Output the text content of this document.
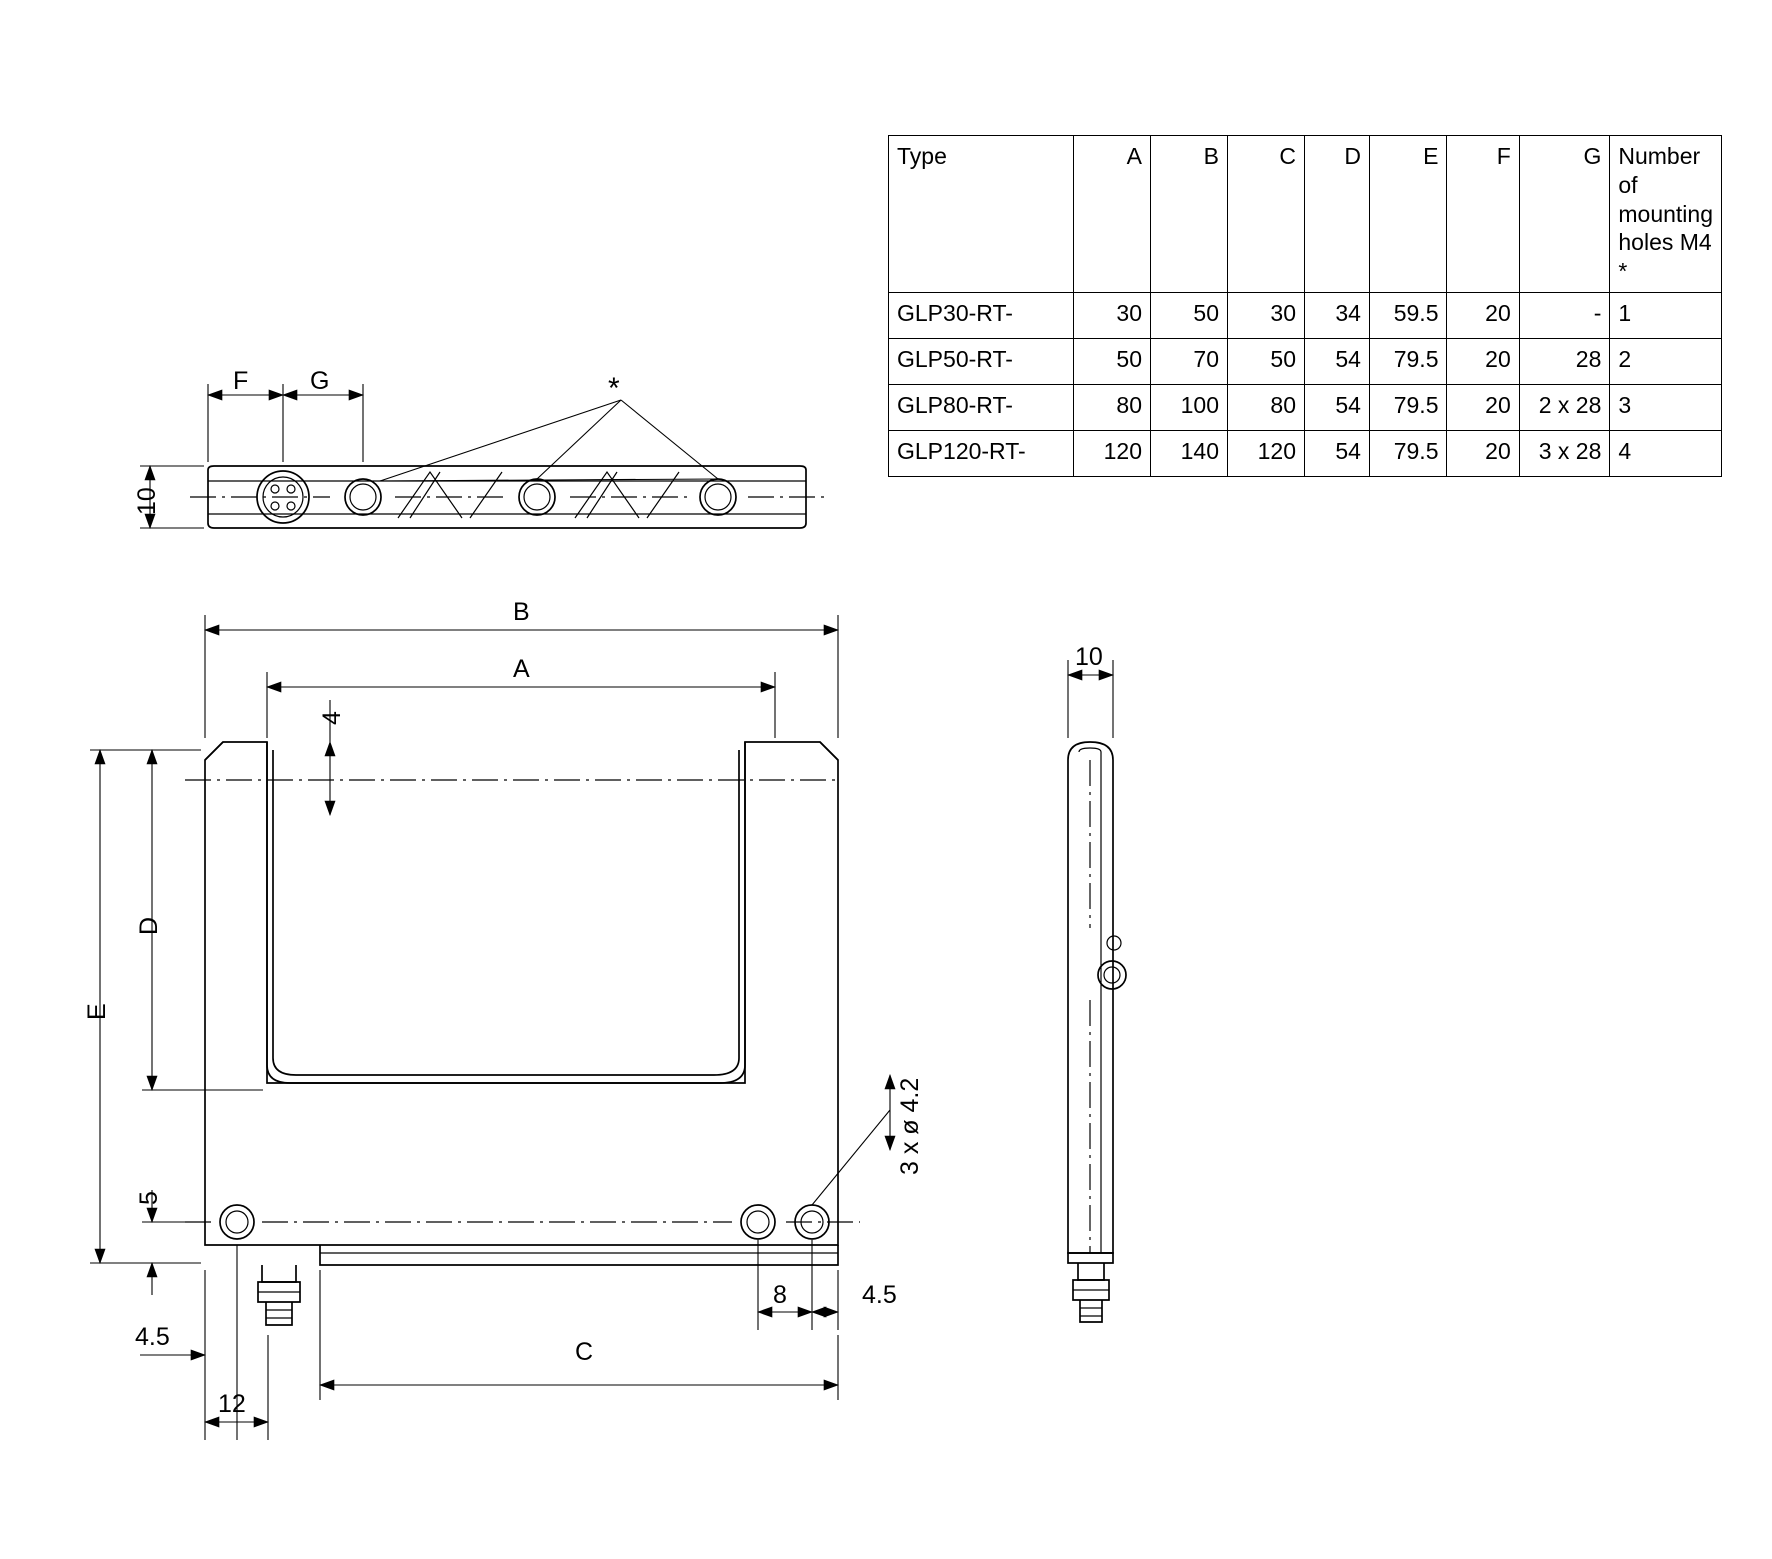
Type	A	B	C	D	E	F	G	Number of
mounting holes M4 *
GLP30-RT-	30	50	30	34	59.5	20	-	1
GLP50-RT-	50	70	50	54	79.5	20	28	2
GLP80-RT-	80	100	80	54	79.5	20	2 x 28	3
GLP120-RT-	120	140	120	54	79.5	20	3 x 28	4
F G
10
*
B
A
4
D
E
5
3 x ø 4.2
8	4.5
C
4.5
12
10
